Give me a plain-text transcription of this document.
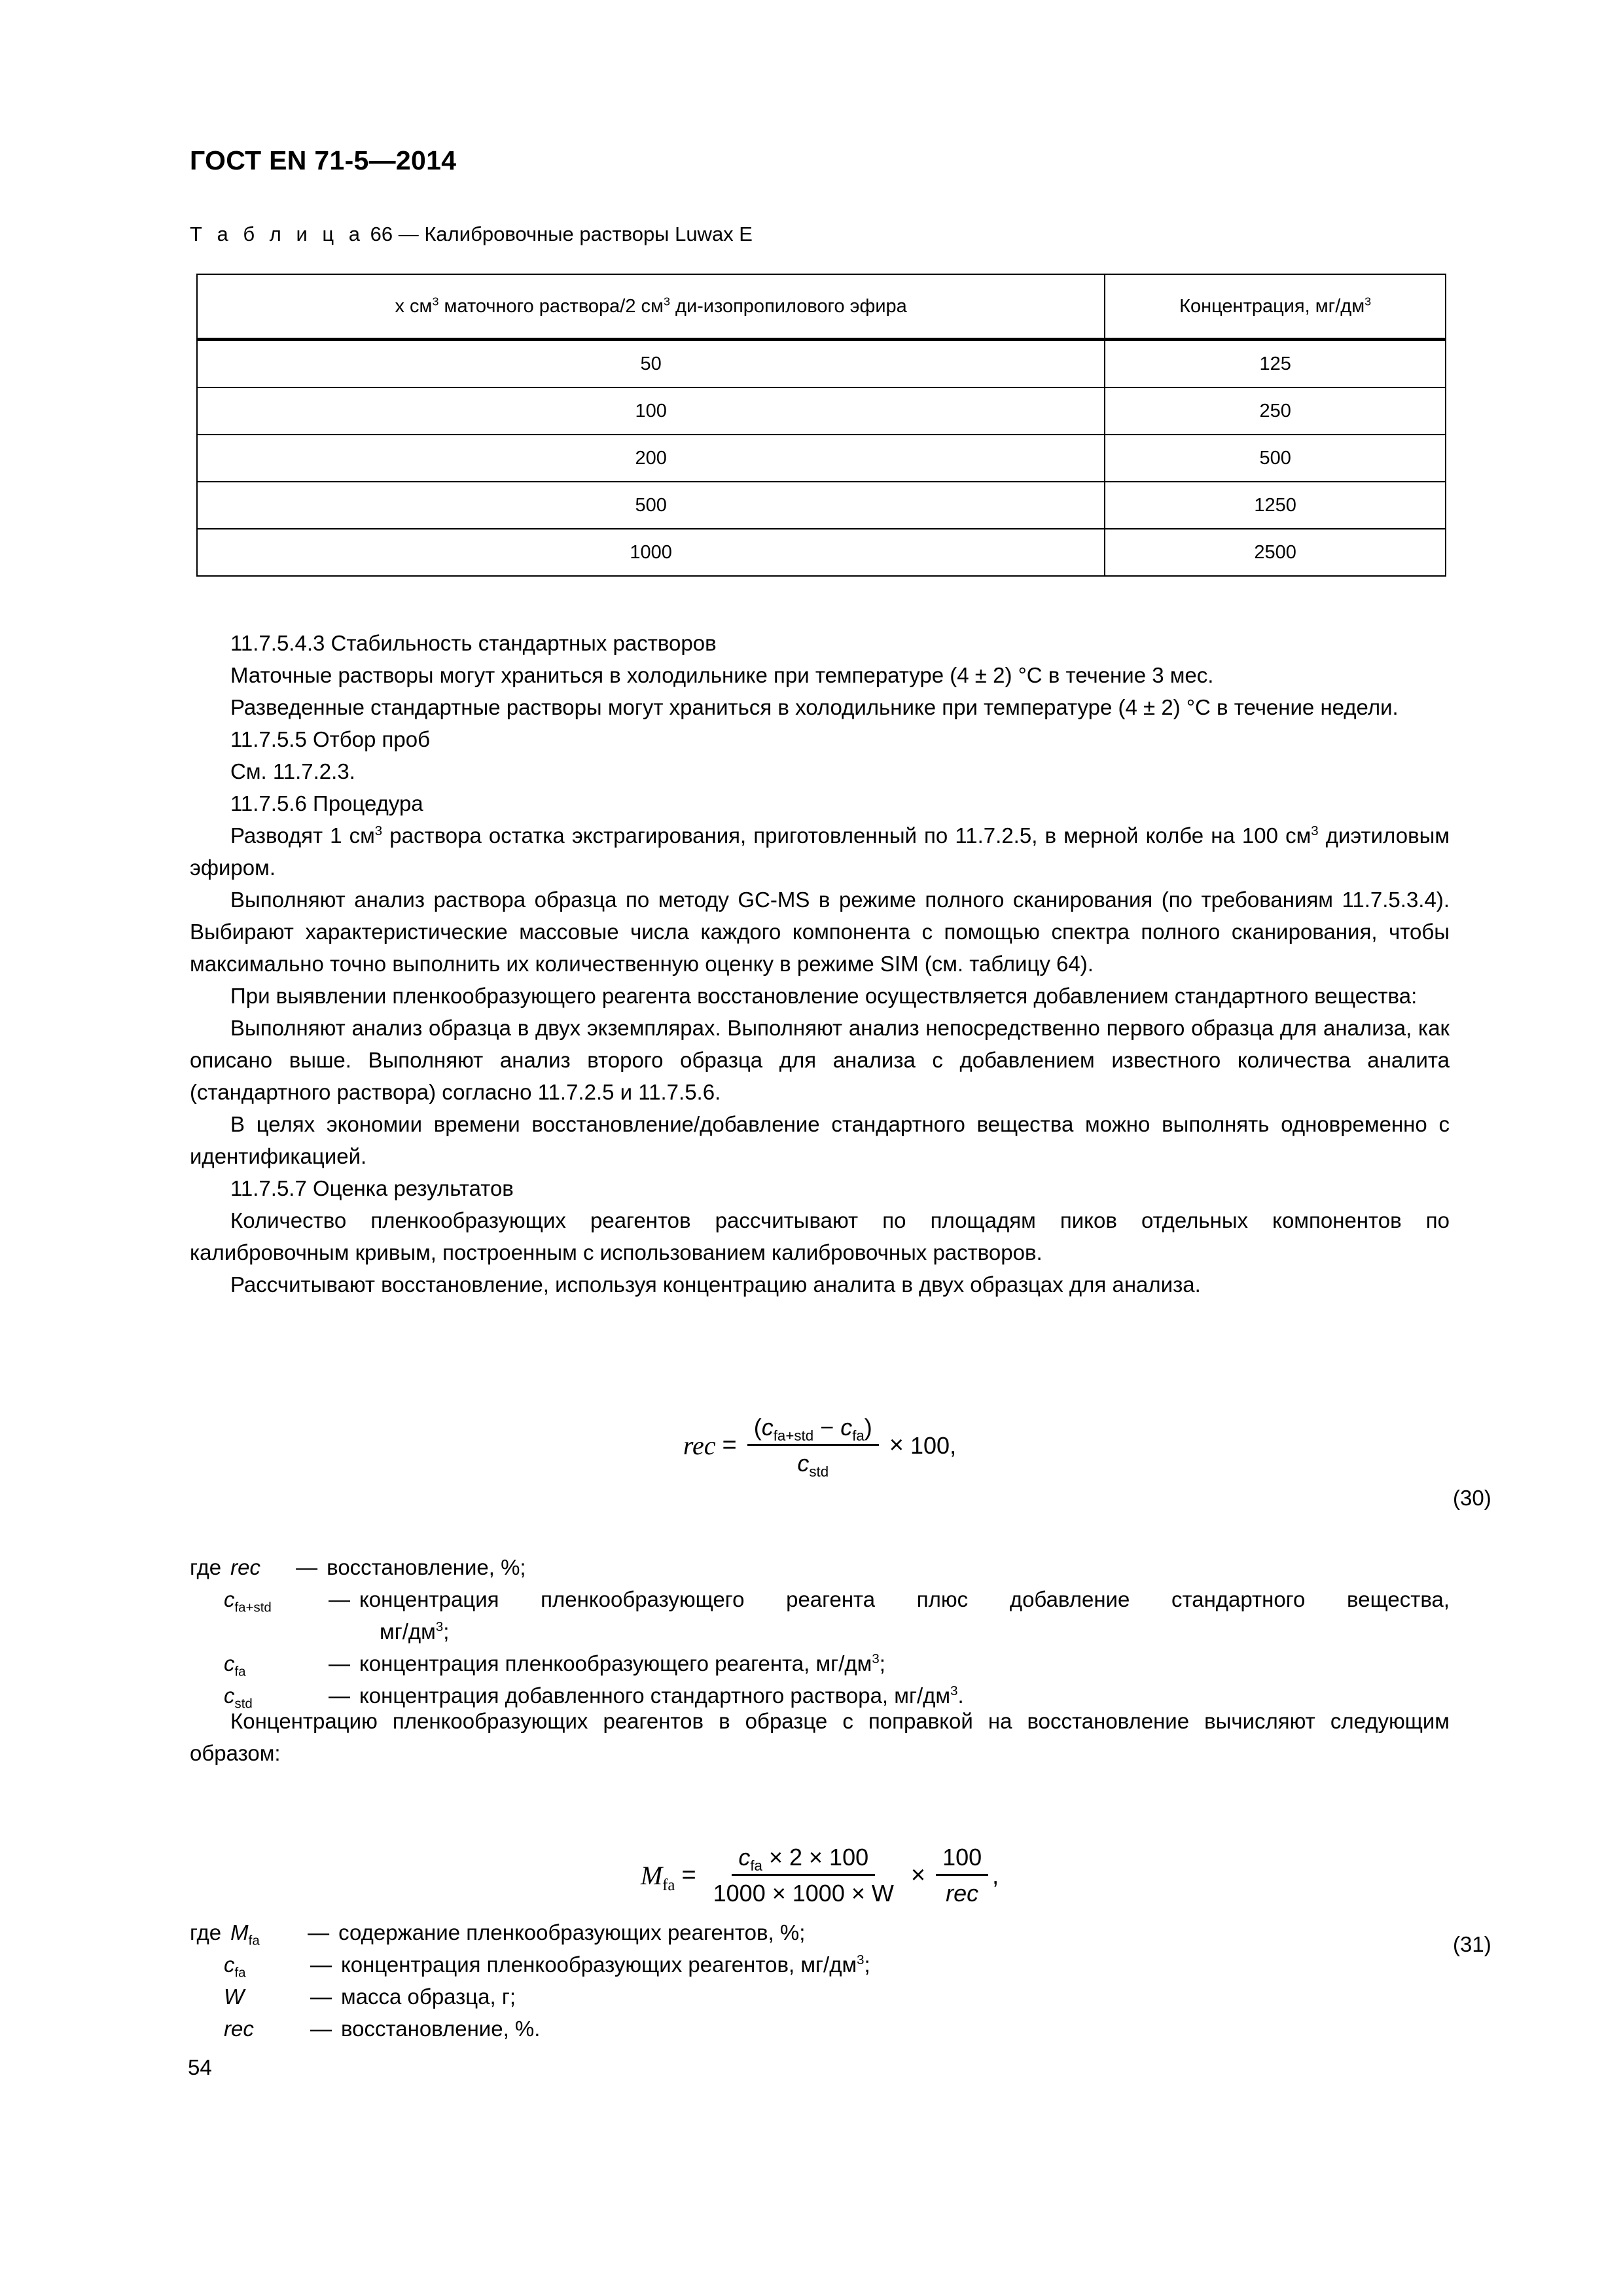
ГОСТ EN 71-5—2014
Т а б л и ц а 66 — Калибровочные растворы Luwax E
x $см^3$ маточного раствора/2 $см^3$ ди-изопропилового эфира	Концентрация, $мг/дм^3$
50	125
100	250
200	500
500	1250
1000	2500

11.7.5.4.3 Стабильность стандартных растворов

Маточные растворы могут храниться в холодильнике при температуре (4 ± 2) °C в течение 3 мес.

Разведенные стандартные растворы могут храниться в холодильнике при температуре (4 ± 2) °C в течение недели.

11.7.5.5 Отбор проб

См. 11.7.2.3.

11.7.5.6 Процедура

Разводят 1 $см^3$ раствора остатка экстрагирования, приготовленный по 11.7.2.5, в мерной колбе на 100 $см^3$ диэтиловым эфиром.

Выполняют анализ раствора образца по методу GC-MS в режиме полного сканирования (по требованиям 11.7.5.3.4). Выбирают характеристические массовые числа каждого компонента с помощью спектра полного сканирования, чтобы максимально точно выполнить их количественную оценку в режиме SIM (см. таблицу 64).

При выявлении пленкообразующего реагента восстановление осуществляется добавлением стандартного вещества:

Выполняют анализ образца в двух экземплярах. Выполняют анализ непосредственно первого образца для анализа, как описано выше. Выполняют анализ второго образца для анализа с добавлением известного количества аналита (стандартного раствора) согласно 11.7.2.5 и 11.7.5.6.

В целях экономии времени восстановление/добавление стандартного вещества можно выполнять одновременно с идентификацией.

11.7.5.7 Оценка результатов

Количество пленкообразующих реагентов рассчитывают по площадям пиков отдельных компонентов по калибровочным кривым, построенным с использованием калибровочных растворов.

Рассчитывают восстановление, используя концентрацию аналита в двух образцах для анализа.

rec = $\frac{(c_{fa+std} - c_{fa})}{c_{std}} \times 100$,
(30)
где rec	— восстановление, %;
$c_{fa+std}$	— концентрация пленкообразующего реагента плюс добавление стандартного вещества,
$мг/дм^3$;
$c_{fa}$	— концентрация пленкообразующего реагента, $мг/дм^3$;
$c_{std}$	— концентрация добавленного стандартного раствора, $мг/дм^3$.

Концентрацию пленкообразующих реагентов в образце с поправкой на восстановление вычисляют следующим образом:

$M_{fa} = \frac{c_{fa} \times 2 \times 100}{1000 \times 1000 \times W} \times \frac{100}{\text{rec}}$ ,
(31)
где $M_{fa}$	— содержание пленкообразующих реагентов, %;
$c_{fa}$	— концентрация пленкообразующих реагентов, $мг/дм^3$;
W	— масса образца, г;
rec	— восстановление, %.
54
